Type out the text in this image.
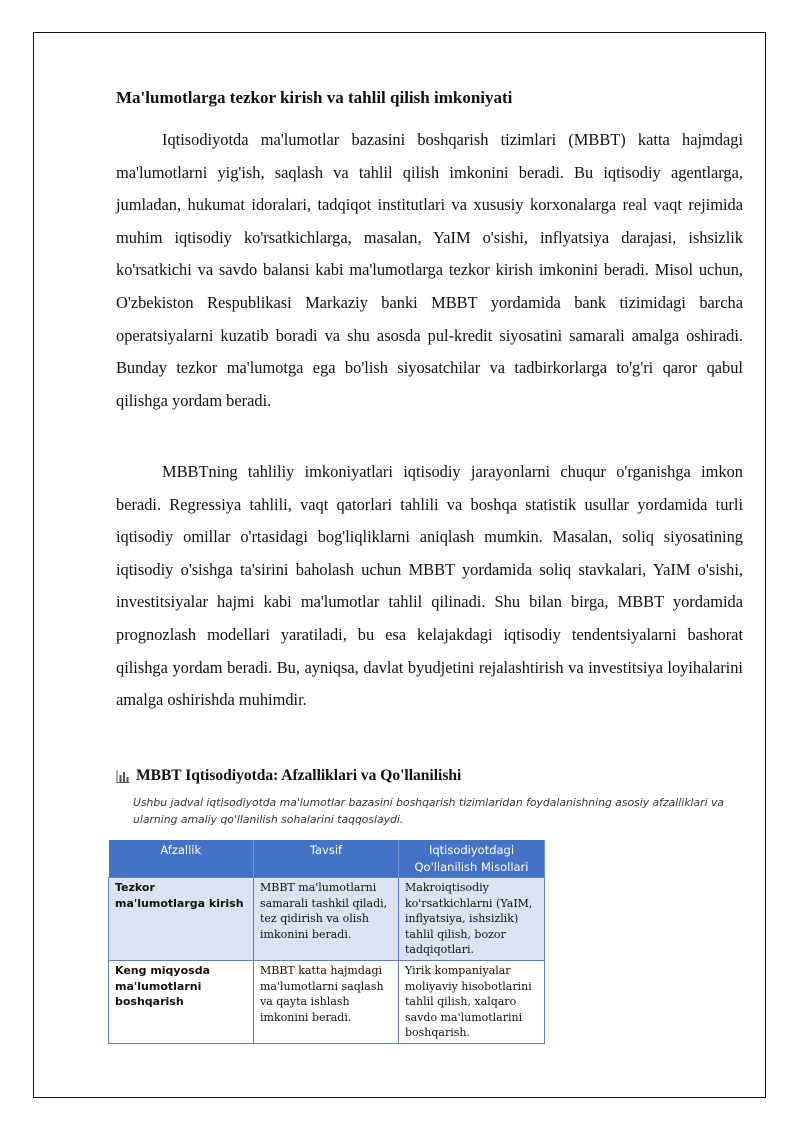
Ma'lumotlarga tezkor kirish va tahlil qilish imkoniyati

Iqtisodiyotda ma'lumotlar bazasini boshqarish tizimlari (MBBT) katta hajmdagi ma'lumotlarni yig'ish, saqlash va tahlil qilish imkonini beradi. Bu iqtisodiy agentlarga, jumladan, hukumat idoralari, tadqiqot institutlari va xususiy korxonalarga real vaqt rejimida muhim iqtisodiy ko'rsatkichlarga, masalan, YaIM o'sishi, inflyatsiya darajasi, ishsizlik ko'rsatkichi va savdo balansi kabi ma'lumotlarga tezkor kirish imkonini beradi. Misol uchun, O'zbekiston Respublikasi Markaziy banki MBBT yordamida bank tizimidagi barcha operatsiyalarni kuzatib boradi va shu asosda pul-kredit siyosatini samarali amalga oshiradi. Bunday tezkor ma'lumotga ega bo'lish siyosatchilar va tadbirkorlarga to'g'ri qaror qabul qilishga yordam beradi.

MBBTning tahliliy imkoniyatlari iqtisodiy jarayonlarni chuqur o'rganishga imkon beradi. Regressiya tahlili, vaqt qatorlari tahlili va boshqa statistik usullar yordamida turli iqtisodiy omillar o'rtasidagi bog'liqliklarni aniqlash mumkin. Masalan, soliq siyosatining iqtisodiy o'sishga ta'sirini baholash uchun MBBT yordamida soliq stavkalari, YaIM o'sishi, investitsiyalar hajmi kabi ma'lumotlar tahlil qilinadi. Shu bilan birga, MBBT yordamida prognozlash modellari yaratiladi, bu esa kelajakdagi iqtisodiy tendentsiyalarni bashorat qilishga yordam beradi. Bu, ayniqsa, davlat byudjetini rejalashtirish va investitsiya loyihalarini amalga oshirishda muhimdir.

MBBT Iqtisodiyotda: Afzalliklari va Qo'llanilishi
Ushbu jadval iqtisodiyotda ma'lumotlar bazasini boshqarish tizimlaridan foydalanishning asosiy afzalliklari va ularning amaliy qo'llanilish sohalarini taqqoslaydi.
Afzallik	Tavsif	Iqtisodiyotdagi Qo'llanilish Misollari
Tezkor ma'lumotlarga kirish	MBBT ma'lumotlarni samarali tashkil qiladi, tez qidirish va olish imkonini beradi.	Makroiqtisodiy ko'rsatkichlarni (YaIM, inflyatsiya, ishsizlik) tahlil qilish, bozor tadqiqotlari.
Keng miqyosda ma'lumotlarni boshqarish	MBBT katta hajmdagi ma'lumotlarni saqlash va qayta ishlash imkonini beradi.	Yirik kompaniyalar moliyaviy hisobotlarini tahlil qilish, xalqaro savdo ma'lumotlarini boshqarish.
